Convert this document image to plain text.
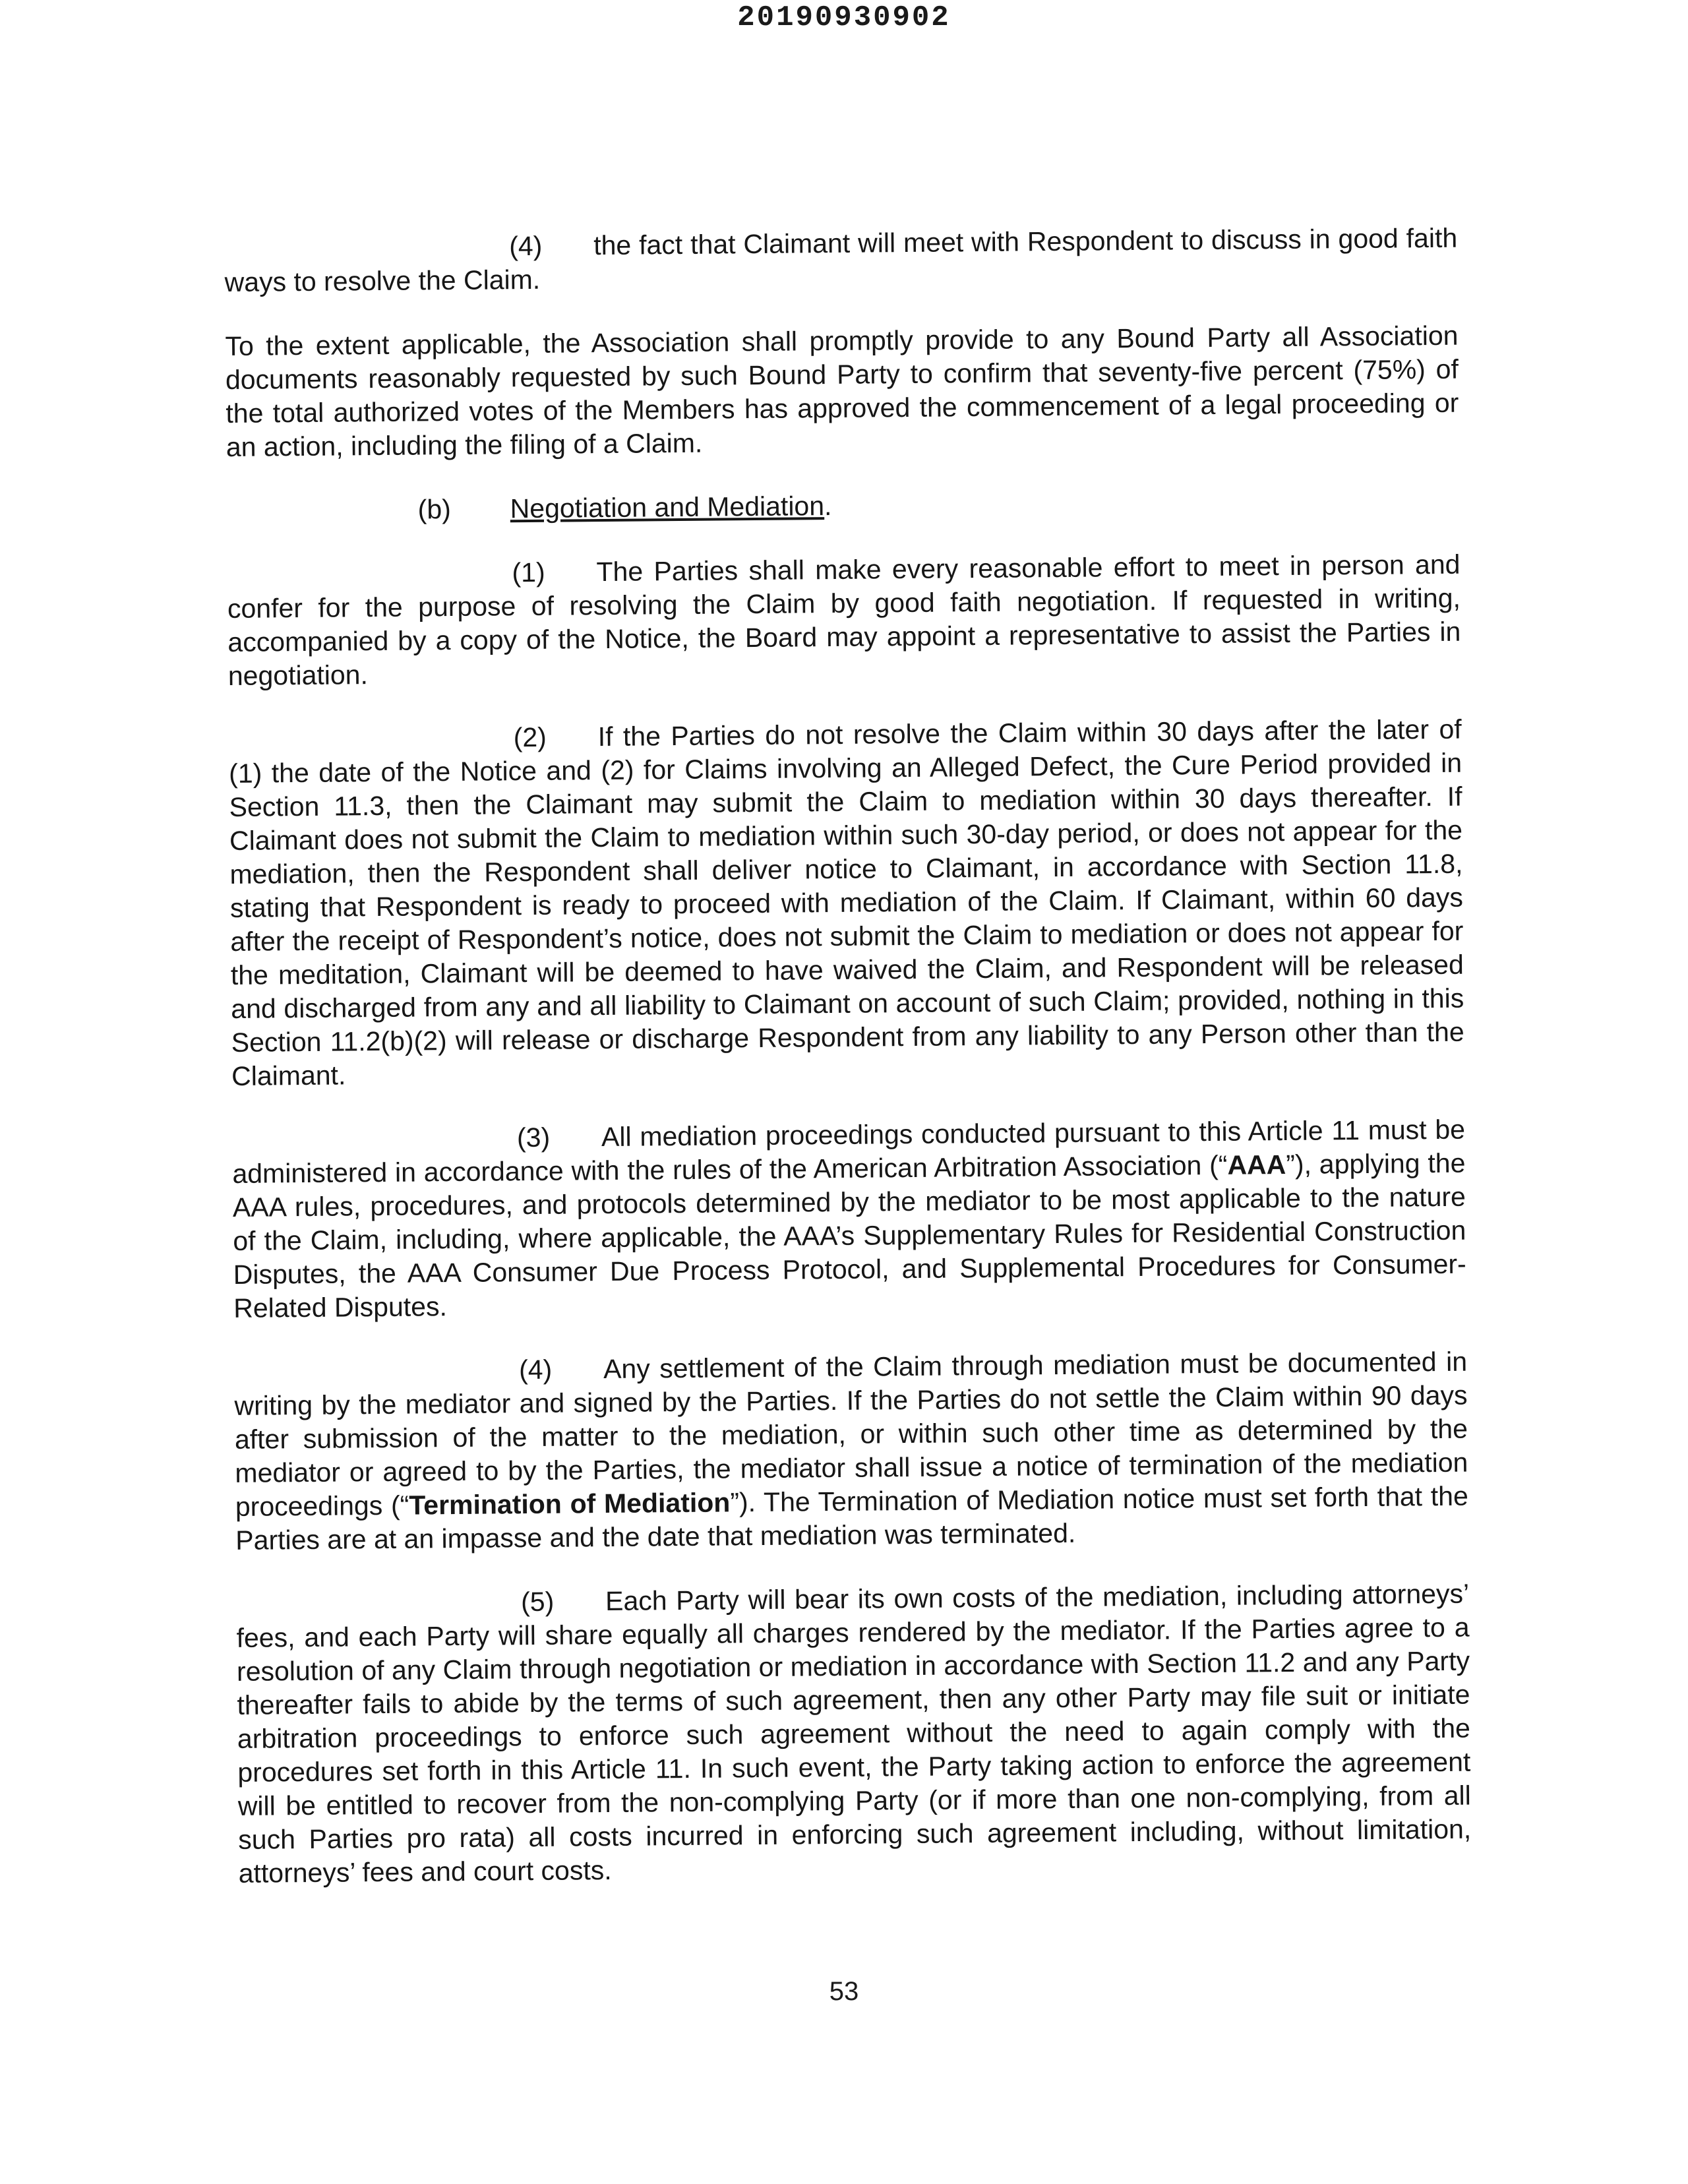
20190930902

(4) the fact that Claimant will meet with Respondent to discuss in good faith ways to resolve the Claim.

To the extent applicable, the Association shall promptly provide to any Bound Party all Association documents reasonably requested by such Bound Party to confirm that seventy-five percent (75%) of the total authorized votes of the Members has approved the commencement of a legal proceeding or an action, including the filing of a Claim.

(b) Negotiation and Mediation.

(1) The Parties shall make every reasonable effort to meet in person and confer for the purpose of resolving the Claim by good faith negotiation. If requested in writing, accompanied by a copy of the Notice, the Board may appoint a representative to assist the Parties in negotiation.

(2) If the Parties do not resolve the Claim within 30 days after the later of (1) the date of the Notice and (2) for Claims involving an Alleged Defect, the Cure Period provided in Section 11.3, then the Claimant may submit the Claim to mediation within 30 days thereafter. If Claimant does not submit the Claim to mediation within such 30-day period, or does not appear for the mediation, then the Respondent shall deliver notice to Claimant, in accordance with Section 11.8, stating that Respondent is ready to proceed with mediation of the Claim. If Claimant, within 60 days after the receipt of Respondent’s notice, does not submit the Claim to mediation or does not appear for the meditation, Claimant will be deemed to have waived the Claim, and Respondent will be released and discharged from any and all liability to Claimant on account of such Claim; provided, nothing in this Section 11.2(b)(2) will release or discharge Respondent from any liability to any Person other than the Claimant.

(3) All mediation proceedings conducted pursuant to this Article 11 must be administered in accordance with the rules of the American Arbitration Association (“AAA”), applying the AAA rules, procedures, and protocols determined by the mediator to be most applicable to the nature of the Claim, including, where applicable, the AAA’s Supplementary Rules for Residential Construction Disputes, the AAA Consumer Due Process Protocol, and Supplemental Procedures for Consumer-Related Disputes.

(4) Any settlement of the Claim through mediation must be documented in writing by the mediator and signed by the Parties. If the Parties do not settle the Claim within 90 days after submission of the matter to the mediation, or within such other time as determined by the mediator or agreed to by the Parties, the mediator shall issue a notice of termination of the mediation proceedings (“Termination of Mediation”). The Termination of Mediation notice must set forth that the Parties are at an impasse and the date that mediation was terminated.

(5) Each Party will bear its own costs of the mediation, including attorneys’ fees, and each Party will share equally all charges rendered by the mediator. If the Parties agree to a resolution of any Claim through negotiation or mediation in accordance with Section 11.2 and any Party thereafter fails to abide by the terms of such agreement, then any other Party may file suit or initiate arbitration proceedings to enforce such agreement without the need to again comply with the procedures set forth in this Article 11. In such event, the Party taking action to enforce the agreement will be entitled to recover from the non-complying Party (or if more than one non-complying, from all such Parties pro rata) all costs incurred in enforcing such agreement including, without limitation, attorneys’ fees and court costs.

53
